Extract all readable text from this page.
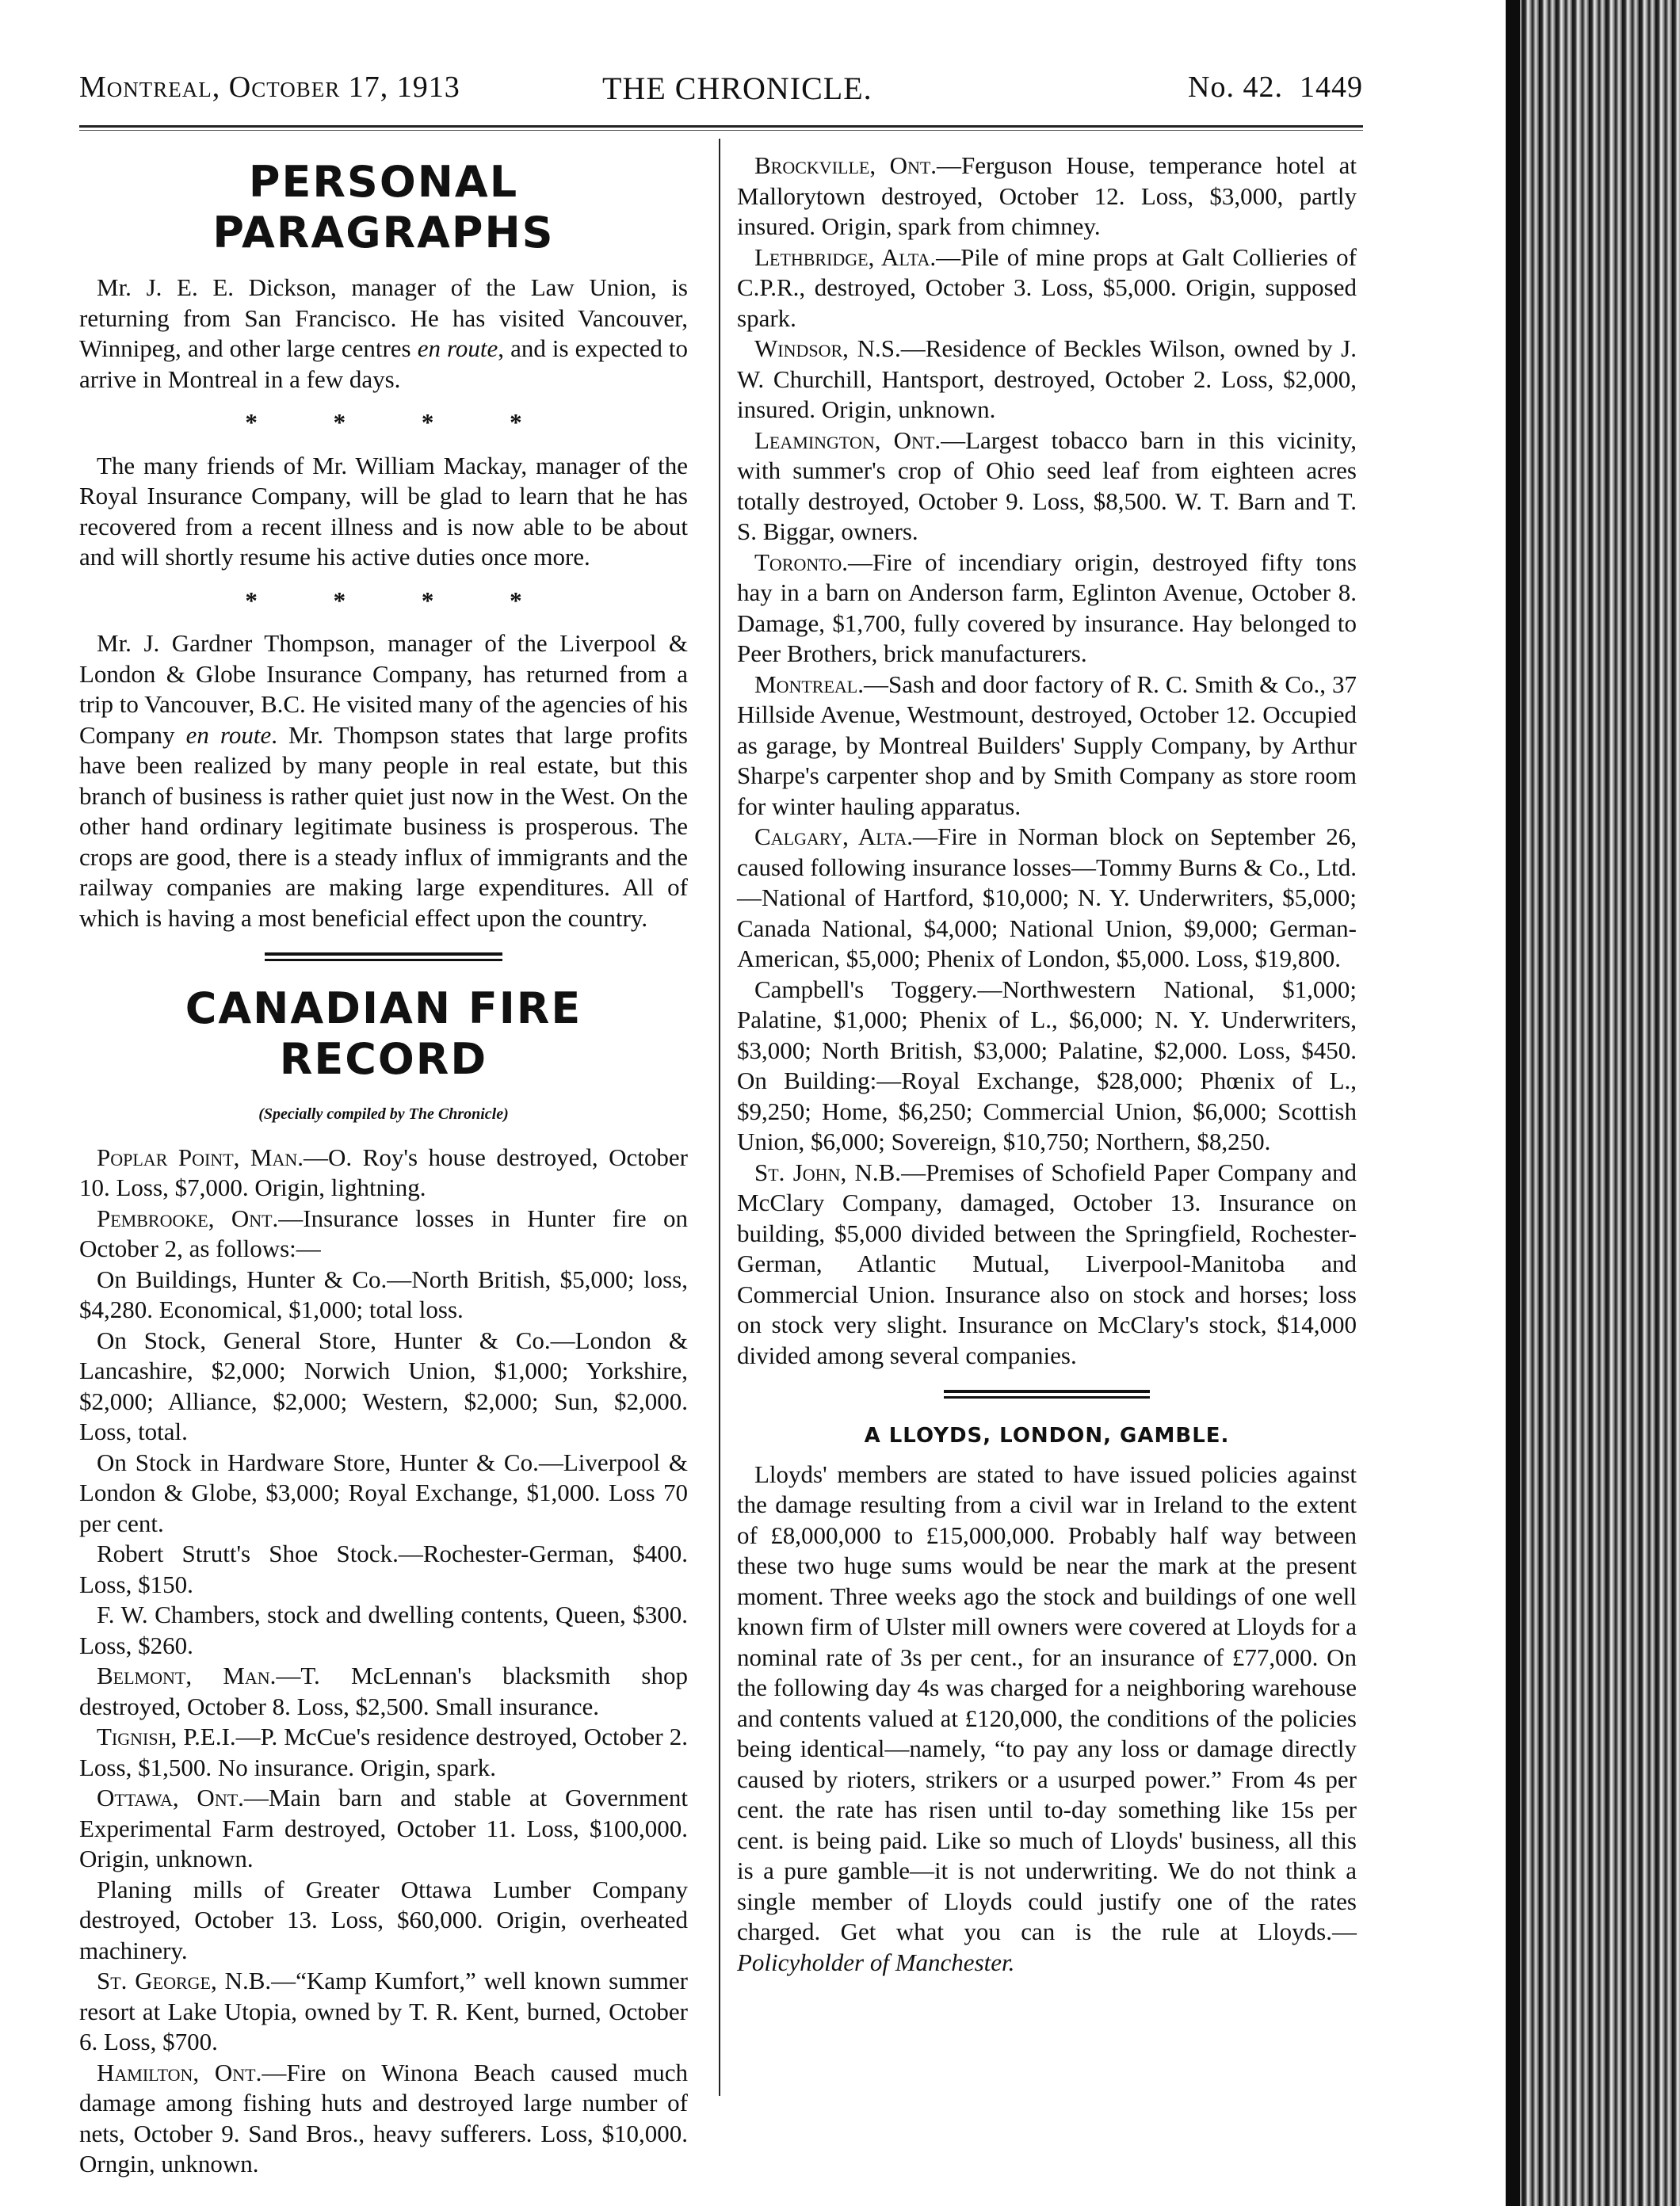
Montreal, October 17, 1913	THE CHRONICLE.	No. 42. 1449
PERSONAL PARAGRAPHS

Mr. J. E. E. Dickson, manager of the Law Union, is returning from San Francisco. He has visited Vancouver, Winnipeg, and other large centres en route, and is expected to arrive in Montreal in a few days.

* * * *

The many friends of Mr. William Mackay, manager of the Royal Insurance Company, will be glad to learn that he has recovered from a recent illness and is now able to be about and will shortly resume his active duties once more.

* * * *

Mr. J. Gardner Thompson, manager of the Liverpool & London & Globe Insurance Company, has returned from a trip to Vancouver, B.C. He visited many of the agencies of his Company en route. Mr. Thompson states that large profits have been realized by many people in real estate, but this branch of business is rather quiet just now in the West. On the other hand ordinary legitimate business is prosperous. The crops are good, there is a steady influx of immigrants and the railway companies are making large expenditures. All of which is having a most beneficial effect upon the country.

CANADIAN FIRE RECORD
(Specially compiled by The Chronicle)

Poplar Point, Man.—O. Roy's house destroyed, October 10. Loss, $7,000. Origin, lightning.

Pembrooke, Ont.—Insurance losses in Hunter fire on October 2, as follows:—

On Buildings, Hunter & Co.—North British, $5,000; loss, $4,280. Economical, $1,000; total loss.

On Stock, General Store, Hunter & Co.—London & Lancashire, $2,000; Norwich Union, $1,000; Yorkshire, $2,000; Alliance, $2,000; Western, $2,000; Sun, $2,000. Loss, total.

On Stock in Hardware Store, Hunter & Co.—Liverpool & London & Globe, $3,000; Royal Exchange, $1,000. Loss 70 per cent.

Robert Strutt's Shoe Stock.—Rochester-German, $400. Loss, $150.

F. W. Chambers, stock and dwelling contents, Queen, $300. Loss, $260.

Belmont, Man.—T. McLennan's blacksmith shop destroyed, October 8. Loss, $2,500. Small insurance.

Tignish, P.E.I.—P. McCue's residence destroyed, October 2. Loss, $1,500. No insurance. Origin, spark.

Ottawa, Ont.—Main barn and stable at Government Experimental Farm destroyed, October 11. Loss, $100,000. Origin, unknown.

Planing mills of Greater Ottawa Lumber Company destroyed, October 13. Loss, $60,000. Origin, overheated machinery.

St. George, N.B.—“Kamp Kumfort,” well known summer resort at Lake Utopia, owned by T. R. Kent, burned, October 6. Loss, $700.

Hamilton, Ont.—Fire on Winona Beach caused much damage among fishing huts and destroyed large number of nets, October 9. Sand Bros., heavy sufferers. Loss, $10,000. Orngin, unknown.

Brockville, Ont.—Ferguson House, temperance hotel at Mallorytown destroyed, October 12. Loss, $3,000, partly insured. Origin, spark from chimney.

Lethbridge, Alta.—Pile of mine props at Galt Collieries of C.P.R., destroyed, October 3. Loss, $5,000. Origin, supposed spark.

Windsor, N.S.—Residence of Beckles Wilson, owned by J. W. Churchill, Hantsport, destroyed, October 2. Loss, $2,000, insured. Origin, unknown.

Leamington, Ont.—Largest tobacco barn in this vicinity, with summer's crop of Ohio seed leaf from eighteen acres totally destroyed, October 9. Loss, $8,500. W. T. Barn and T. S. Biggar, owners.

Toronto.—Fire of incendiary origin, destroyed fifty tons hay in a barn on Anderson farm, Eglinton Avenue, October 8. Damage, $1,700, fully covered by insurance. Hay belonged to Peer Brothers, brick manufacturers.

Montreal.—Sash and door factory of R. C. Smith & Co., 37 Hillside Avenue, Westmount, destroyed, October 12. Occupied as garage, by Montreal Builders' Supply Company, by Arthur Sharpe's carpenter shop and by Smith Company as store room for winter hauling apparatus.

Calgary, Alta.—Fire in Norman block on September 26, caused following insurance losses—Tommy Burns & Co., Ltd.—National of Hartford, $10,000; N. Y. Underwriters, $5,000; Canada National, $4,000; National Union, $9,000; German-American, $5,000; Phenix of London, $5,000. Loss, $19,800.

Campbell's Toggery.—Northwestern National, $1,000; Palatine, $1,000; Phenix of L., $6,000; N. Y. Underwriters, $3,000; North British, $3,000; Palatine, $2,000. Loss, $450. On Building:—Royal Exchange, $28,000; Phœnix of L., $9,250; Home, $6,250; Commercial Union, $6,000; Scottish Union, $6,000; Sovereign, $10,750; Northern, $8,250.

St. John, N.B.—Premises of Schofield Paper Company and McClary Company, damaged, October 13. Insurance on building, $5,000 divided between the Springfield, Rochester-German, Atlantic Mutual, Liverpool-Manitoba and Commercial Union. Insurance also on stock and horses; loss on stock very slight. Insurance on McClary's stock, $14,000 divided among several companies.

A LLOYDS, LONDON, GAMBLE.

Lloyds' members are stated to have issued policies against the damage resulting from a civil war in Ireland to the extent of £8,000,000 to £15,000,000. Probably half way between these two huge sums would be near the mark at the present moment. Three weeks ago the stock and buildings of one well known firm of Ulster mill owners were covered at Lloyds for a nominal rate of 3s per cent., for an insurance of £77,000. On the following day 4s was charged for a neighboring warehouse and contents valued at £120,000, the conditions of the policies being identical—namely, “to pay any loss or damage directly caused by rioters, strikers or a usurped power.” From 4s per cent. the rate has risen until to-day something like 15s per cent. is being paid. Like so much of Lloyds' business, all this is a pure gamble—it is not underwriting. We do not think a single member of Lloyds could justify one of the rates charged. Get what you can is the rule at Lloyds.—Policyholder of Manchester.
